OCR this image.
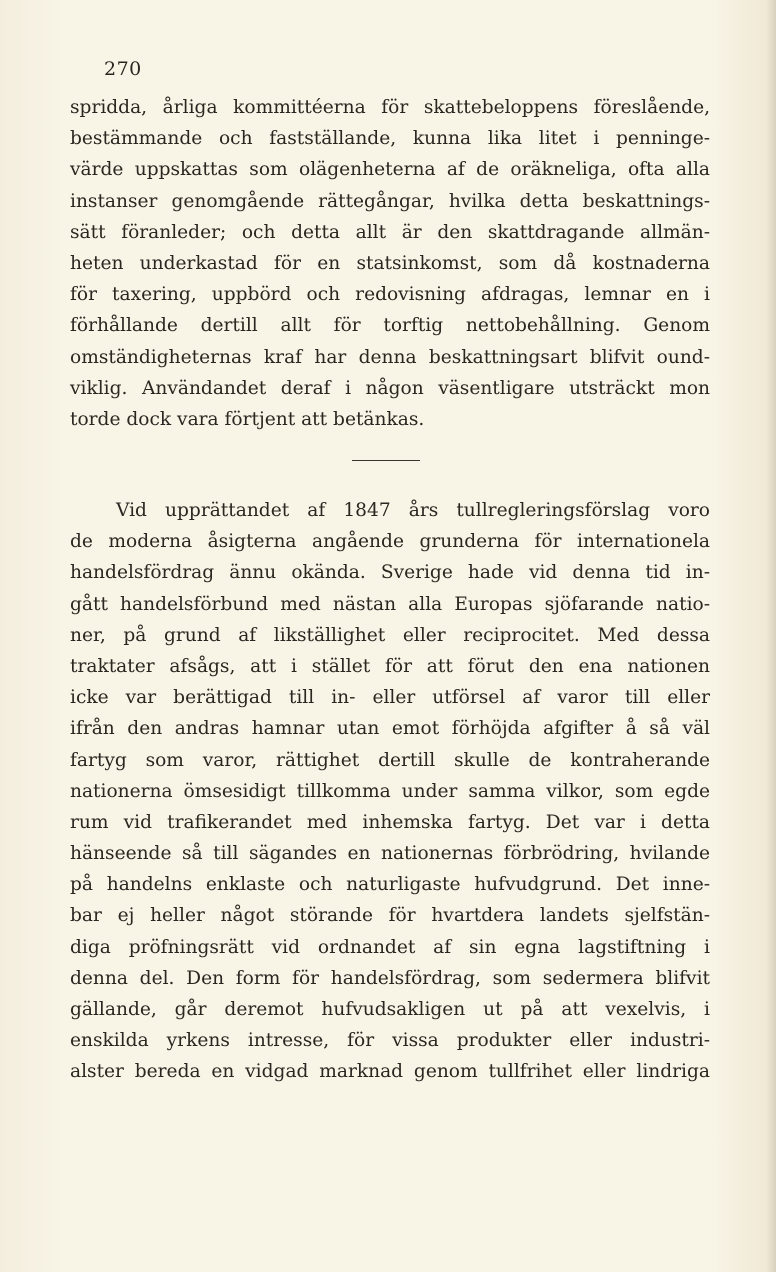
270
spridda, årliga kommittéerna för skattebeloppens föreslående,
bestämmande och fastställande, kunna lika litet i penninge-
värde uppskattas som olägenheterna af de oräkneliga, ofta alla
instanser genomgående rättegångar, hvilka detta beskattnings-
sätt föranleder; och detta allt är den skattdragande allmän-
heten underkastad för en statsinkomst, som då kostnaderna
för taxering, uppbörd och redovisning afdragas, lemnar en i
förhållande dertill allt för torftig nettobehållning. Genom
omständigheternas kraf har denna beskattningsart blifvit ound-
viklig. Användandet deraf i någon väsentligare utsträckt mon
torde dock vara förtjent att betänkas.
Vid upprättandet af 1847 års tullregleringsförslag voro
de moderna åsigterna angående grunderna för internationela
handelsfördrag ännu okända. Sverige hade vid denna tid in-
gått handelsförbund med nästan alla Europas sjöfarande natio-
ner, på grund af likställighet eller reciprocitet. Med dessa
traktater afsågs, att i stället för att förut den ena nationen
icke var berättigad till in- eller utförsel af varor till eller
ifrån den andras hamnar utan emot förhöjda afgifter å så väl
fartyg som varor, rättighet dertill skulle de kontraherande
nationerna ömsesidigt tillkomma under samma vilkor, som egde
rum vid trafikerandet med inhemska fartyg. Det var i detta
hänseende så till sägandes en nationernas förbrödring, hvilande
på handelns enklaste och naturligaste hufvudgrund. Det inne-
bar ej heller något störande för hvartdera landets sjelfstän-
diga pröfningsrätt vid ordnandet af sin egna lagstiftning i
denna del. Den form för handelsfördrag, som sedermera blifvit
gällande, går deremot hufvudsakligen ut på att vexelvis, i
enskilda yrkens intresse, för vissa produkter eller industri-
alster bereda en vidgad marknad genom tullfrihet eller lindriga
